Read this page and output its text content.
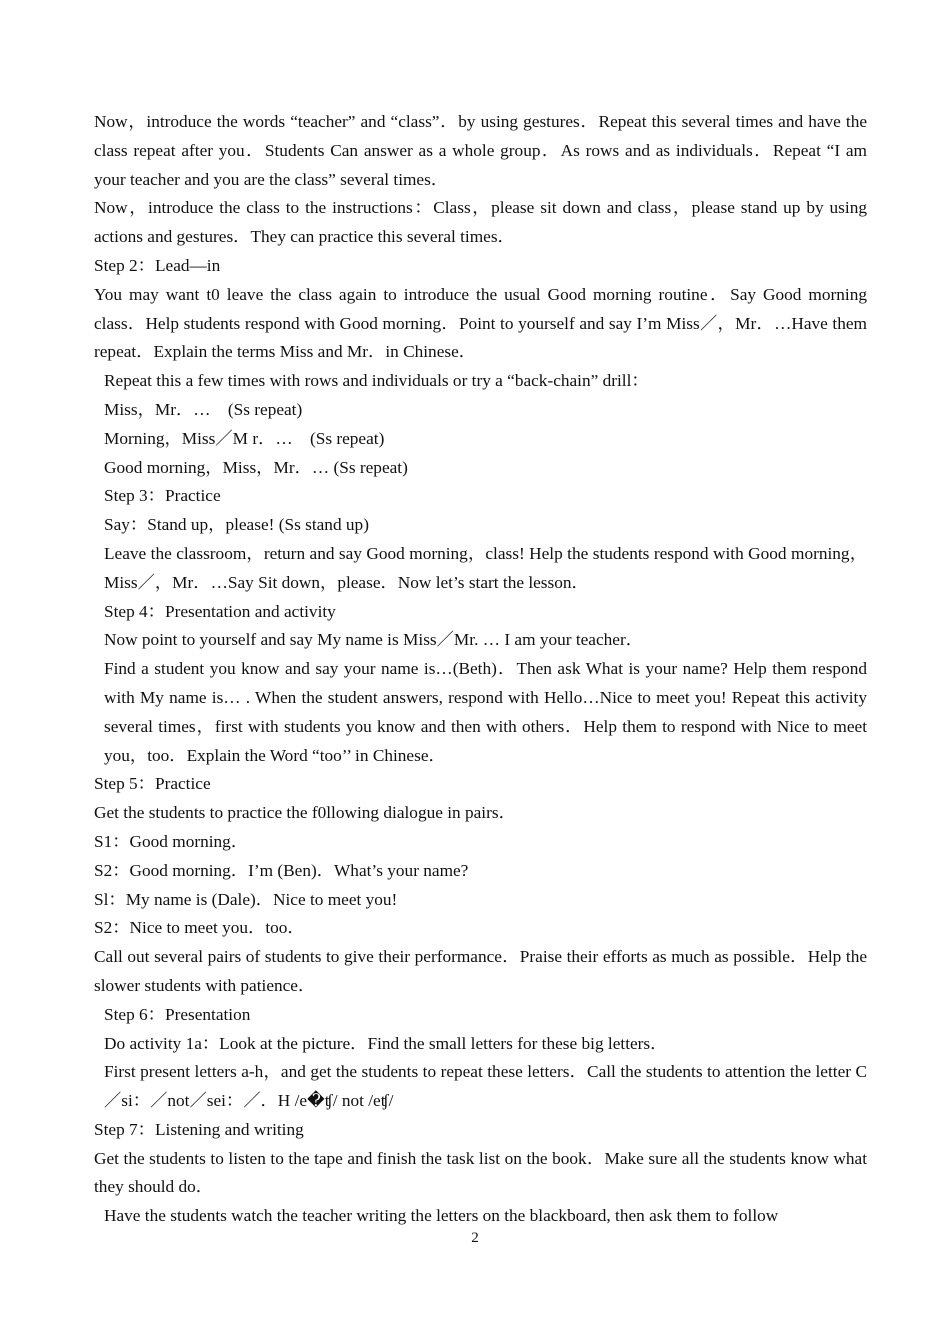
Now，introduce the words “teacher” and “class”．by using gestures．Repeat this several times and have the class repeat after you．Students Can answer as a whole group．As rows and as individuals．Repeat “I am your teacher and you are the class” several times．

Now，introduce the class to the instructions：Class，please sit down and class，please stand up by using actions and gestures．They can practice this several times．

Step 2：Lead—in

You may want t0 leave the class again to introduce the usual Good morning routine．Say Good morning class．Help students respond with Good morning．Point to yourself and say I’m Miss／，Mr．…Have them repeat．Explain the terms Miss and Mr．in Chinese．

Repeat this a few times with rows and individuals or try a “back-chain” drill：

Miss，Mr．…　(Ss repeat)

Morning，Miss／M r．…　(Ss repeat)

Good morning，Miss，Mr．… (Ss repeat)

Step 3：Practice

Say：Stand up，please! (Ss stand up)

Leave the classroom，return and say Good morning，class! Help the students respond with Good morning，Miss／，Mr．…Say Sit down，please．Now let’s start the lesson．

Step 4：Presentation and activity

Now point to yourself and say My name is Miss／Mr. … I am your teacher．

Find a student you know and say your name is…(Beth)．Then ask What is your name? Help them respond with My name is… . When the student answers, respond with Hello…Nice to meet you! Repeat this activity several times，first with students you know and then with others．Help them to respond with Nice to meet you，too．Explain the Word “too’’ in Chinese．

Step 5：Practice

Get the students to practice the f0llowing dialogue in pairs．

S1：Good morning．

S2：Good morning．I’m (Ben)．What’s your name?

Sl：My name is (Dale)．Nice to meet you!

S2：Nice to meet you．too．

Call out several pairs of students to give their performance．Praise their efforts as much as possible．Help the slower students with patience．

Step 6：Presentation

Do activity 1a：Look at the picture．Find the small letters for these big letters．

First present letters a-h，and get the students to repeat these letters．Call the students to attention the letter C／si：／not／sei：／．H /e�ʧ/ not /eʧ/

Step 7：Listening and writing

Get the students to listen to the tape and finish the task list on the book．Make sure all the students know what they should do．

Have the students watch the teacher writing the letters on the blackboard, then ask them to follow

2
